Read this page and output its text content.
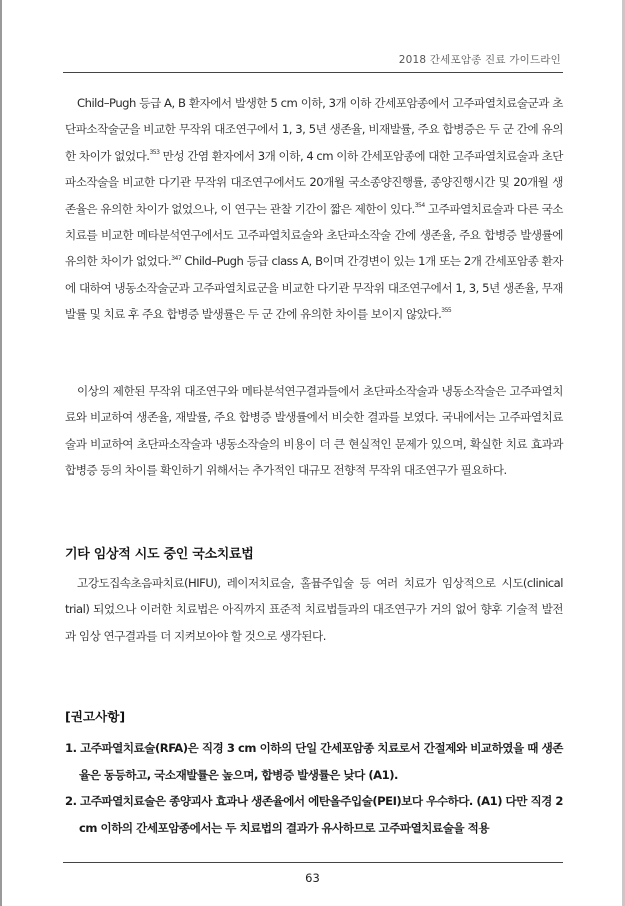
2018 간세포암종 진료 가이드라인

Child–Pugh 등급 A, B 환자에서 발생한 5 cm 이하, 3개 이하 간세포암종에서 고주파열치료술군과 초단파소작술군을 비교한 무작위 대조연구에서 1, 3, 5년 생존율, 비재발률, 주요 합병증은 두 군 간에 유의한 차이가 없었다.$^{353}$ 만성 간염 환자에서 3개 이하, 4 cm 이하 간세포암종에 대한 고주파열치료술과 초단파소작술을 비교한 다기관 무작위 대조연구에서도 20개월 국소종양진행률, 종양진행시간 및 20개월 생존율은 유의한 차이가 없었으나, 이 연구는 관찰 기간이 짧은 제한이 있다.$^{354}$ 고주파열치료술과 다른 국소치료를 비교한 메타분석연구에서도 고주파열치료술와 초단파소작술 간에 생존율, 주요 합병증 발생률에 유의한 차이가 없었다.$^{347}$ Child–Pugh 등급 class A, B이며 간경변이 있는 1개 또는 2개 간세포암종 환자에 대하여 냉동소작술군과 고주파열치료군을 비교한 다기관 무작위 대조연구에서 1, 3, 5년 생존율, 무재발률 및 치료 후 주요 합병증 발생률은 두 군 간에 유의한 차이를 보이지 않았다.$^{355}$

이상의 제한된 무작위 대조연구와 메타분석연구결과들에서 초단파소작술과 냉동소작술은 고주파열치료와 비교하여 생존율, 재발률, 주요 합병증 발생률에서 비슷한 결과를 보였다. 국내에서는 고주파열치료술과 비교하여 초단파소작술과 냉동소작술의 비용이 더 큰 현실적인 문제가 있으며, 확실한 치료 효과과 합병증 등의 차이를 확인하기 위해서는 추가적인 대규모 전향적 무작위 대조연구가 필요하다.

기타 임상적 시도 중인 국소치료법

고강도집속초음파치료(HIFU), 레이저치료술, 홀뮴주입술 등 여러 치료가 임상적으로 시도(clinical trial) 되었으나 이러한 치료법은 아직까지 표준적 치료법들과의 대조연구가 거의 없어 향후 기술적 발전과 임상 연구결과를 더 지켜보아야 할 것으로 생각된다.

[권고사항]

1. 고주파열치료술(RFA)은 직경 3 cm 이하의 단일 간세포암종 치료로서 간절제와 비교하였을 때 생존율은 동등하고, 국소재발률은 높으며, 합병증 발생률은 낮다 (A1).

2. 고주파열치료술은 종양괴사 효과나 생존율에서 에탄올주입술(PEI)보다 우수하다. (A1) 다만 직경 2 cm 이하의 간세포암종에서는 두 치료법의 결과가 유사하므로 고주파열치료술을 적용

63
